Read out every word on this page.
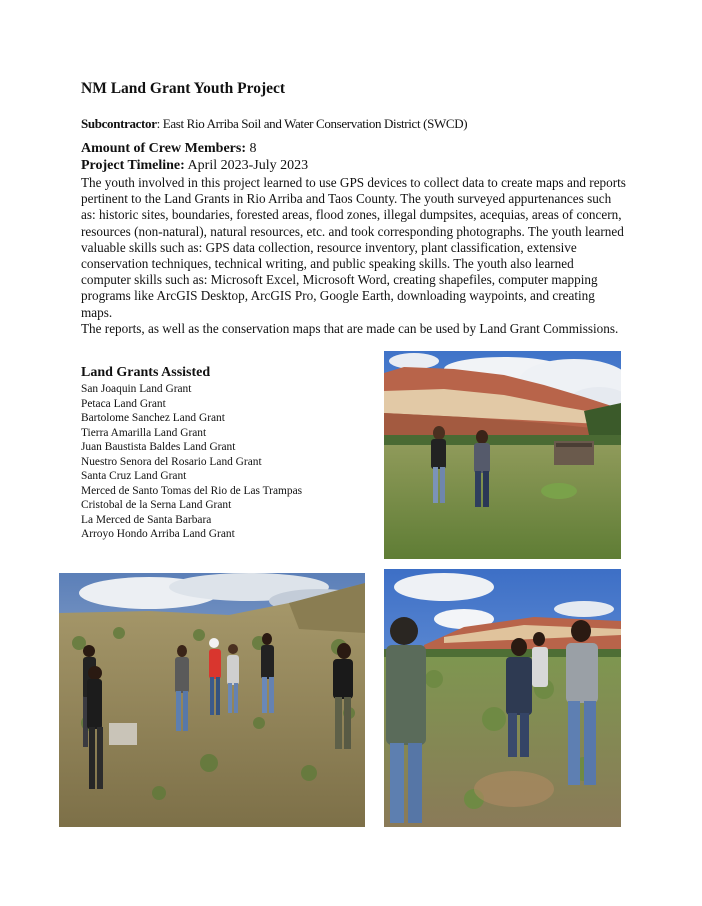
NM Land Grant Youth Project
Subcontractor: East Rio Arriba Soil and Water Conservation District (SWCD)
Amount of Crew Members: 8
Project Timeline: April 2023-July 2023

The youth involved in this project learned to use GPS devices to collect data to create maps and reports pertinent to the Land Grants in Rio Arriba and Taos County. The youth surveyed appurtenances such as: historic sites, boundaries, forested areas, flood zones, illegal dumpsites, acequias, areas of concern, resources (non-natural), natural resources, etc. and took corresponding photographs. The youth learned valuable skills such as: GPS data collection, resource inventory, plant classification, extensive conservation techniques, technical writing, and public speaking skills. The youth also learned computer skills such as: Microsoft Excel, Microsoft Word, creating shapefiles, computer mapping programs like ArcGIS Desktop, ArcGIS Pro, Google Earth, downloading waypoints, and creating maps.

The reports, as well as the conservation maps that are made can be used by Land Grant Commissions.

Land Grants Assisted
San Joaquin Land Grant
Petaca Land Grant
Bartolome Sanchez Land Grant
Tierra Amarilla Land Grant
Juan Baustista Baldes Land Grant
Nuestro Senora del Rosario Land Grant
Santa Cruz Land Grant
Merced de Santo Tomas del Rio de Las Trampas
Cristobal de la Serna Land Grant
La Merced de Santa Barbara
Arroyo Hondo Arriba Land Grant
